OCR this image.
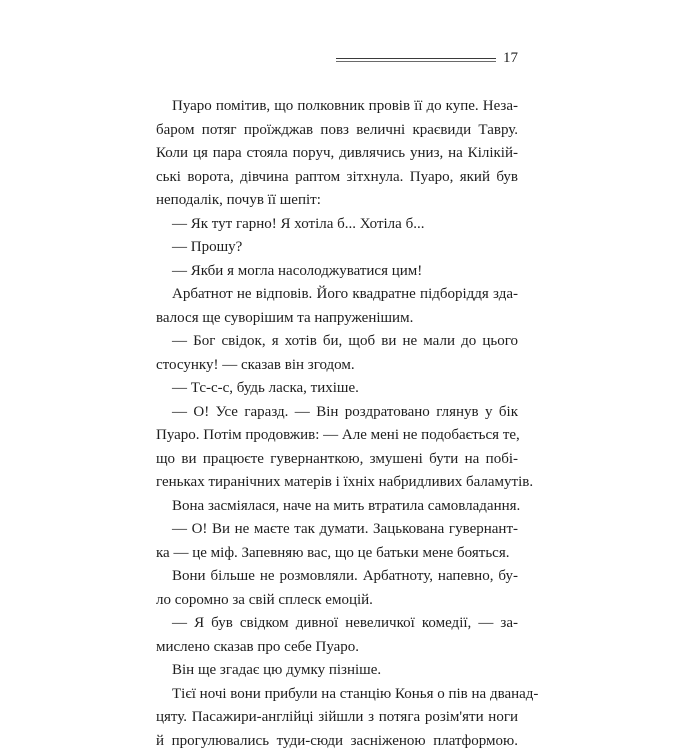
17
Пуаро помітив, що полковник провів її до купе. Неза-
баром потяг проїжджав повз величні краєвиди Тавру.
Коли ця пара стояла поруч, дивлячись униз, на Кілікій-
ські ворота, дівчина раптом зітхнула. Пуаро, який був
неподалік, почув її шепіт:
— Як тут гарно! Я хотіла б... Хотіла б...
— Прошу?
— Якби я могла насолоджуватися цим!
Арбатнот не відповів. Його квадратне підборіддя зда-
валося ще суворішим та напруженішим.
— Бог свідок, я хотів би, щоб ви не мали до цього
стосунку! — сказав він згодом.
— Тс-с-с, будь ласка, тихіше.
— О! Усе гаразд. — Він роздратовано глянув у бік
Пуаро. Потім продовжив: — Але мені не подобається те,
що ви працюєте гувернанткою, змушені бути на побі-
геньках тиранічних матерів і їхніх набридливих баламутів.
Вона засміялася, наче на мить втратила самовладання.
— О! Ви не маєте так думати. Зацькована гувернант-
ка — це міф. Запевняю вас, що це батьки мене бояться.
Вони більше не розмовляли. Арбатноту, напевно, бу-
ло соромно за свій сплеск емоцій.
— Я був свідком дивної невеличкої комедії, — за-
мислено сказав про себе Пуаро.
Він ще згадає цю думку пізніше.
Тієї ночі вони прибули на станцію Конья о пів на дванад-
цяту. Пасажири-англійці зійшли з потяга розім'яти ноги
й прогулювались туди-сюди засніженою платформою.
